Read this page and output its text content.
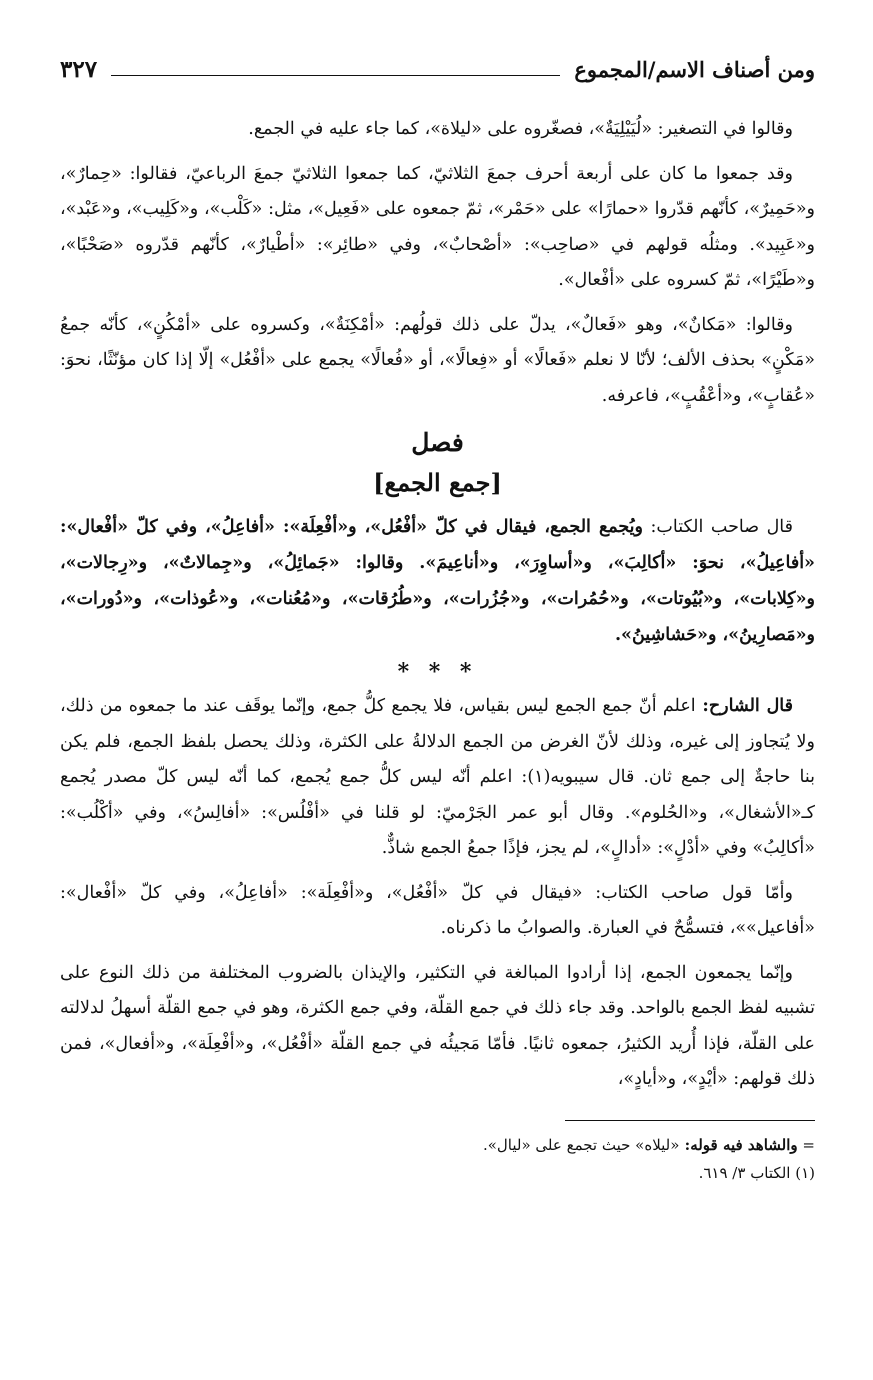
ومن أصناف الاسم/المجموع
٣٢٧

وقالوا في التصغير: «لُيَيْلِيَةٌ»، فصغّروه على «ليلاة»، كما جاء عليه في الجمع.

وقد جمعوا ما كان على أربعة أحرف جمعَ الثلاثيّ، كما جمعوا الثلاثيّ جمعَ الرباعيّ، فقالوا: «حِمارٌ»، و«حَمِيرٌ»، كأنّهم قدّروا «حمارًا» على «حَمْر»، ثمّ جمعوه على «فَعِيل»، مثل: «كَلْب»، و«كَلِيب»، و«عَبْد»، و«عَبِيد». ومثلُه قولهم في «صاحِب»: «أصْحابٌ»، وفي «طائِر»: «أطْيارٌ»، كأنّهم قدّروه «صَحْبًا»، و«طَيْرًا»، ثمّ كسروه على «أفْعال».

وقالوا: «مَكانٌ»، وهو «فَعالٌ»، يدلّ على ذلك قولُهم: «أمْكِنَةٌ»، وكسروه على «أمْكُنٍ»، كأنّه جمعُ «مَكْنٍ» بحذف الألف؛ لأنّا لا نعلم «فَعالًا» أو «فِعالًا»، أو «فُعالًا» يجمع على «أفْعُل» إلّا إذا كان مؤنّثًا، نحوَ: «عُقابٍ»، و«أعْقُبٍ»، فاعرفه.

فصل
[جمع الجمع]

قال صاحب الكتاب: ويُجمع الجمع، فيقال في كلّ «أفْعُل»، و«أفْعِلَة»: «أفاعِلُ»، وفي كلّ «أفْعال»: «أفاعِيلُ»، نحوَ: «أكالِبَ»، و«أساوِرَ»، و«أناعِيمَ». وقالوا: «جَمائِلُ»، و«جِمالاتٌ»، و«رِجالات»، و«كِلابات»، و«بُيُوتات»، و«حُمُرات»، و«جُزُرات»، و«طُرُقات»، و«مُعُنات»، و«عُوذات»، و«دُورات»، و«مَصارِينُ»، و«حَشاشِينُ».

* * *

قال الشارح: اعلم أنّ جمع الجمع ليس بقياس، فلا يجمع كلُّ جمع، وإنّما يوقَف عند ما جمعوه من ذلك، ولا يُتجاوز إلى غيره، وذلك لأنّ الغرض من الجمع الدلالةُ على الكثرة، وذلك يحصل بلفظ الجمع، فلم يكن بنا حاجةٌ إلى جمع ثان. قال سيبويه(١): اعلم أنّه ليس كلُّ جمع يُجمع، كما أنّه ليس كلّ مصدر يُجمع كـ«الأشغال»، و«الحُلوم». وقال أبو عمر الجَرْميّ: لو قلنا في «أفْلُس»: «أفالِسُ»، وفي «أكْلُب»: «أكالِبُ» وفي «أدْلٍ»: «أدالٍ»، لم يجز، فإذًا جمعُ الجمع شاذٌّ.

وأمّا قول صاحب الكتاب: «فيقال في كلّ «أفْعُل»، و«أفْعِلَة»: «أفاعِلُ»، وفي كلّ «أفْعال»: «أفاعيل»»، فتسمُّحٌ في العبارة. والصوابُ ما ذكرناه.

وإنّما يجمعون الجمع، إذا أرادوا المبالغة في التكثير، والإيذان بالضروب المختلفة من ذلك النوع على تشبيه لفظ الجمع بالواحد. وقد جاء ذلك في جمع القلّة، وفي جمع الكثرة، وهو في جمع القلّة أسهلُ لدلالته على القلّة، فإذا أُريد الكثيرُ، جمعوه ثانيًا. فأمّا مَجيئُه في جمع القلّة «أفْعُل»، و«أفْعِلَة»، و«أفعال»، فمن ذلك قولهم: «أيْدٍ»، و«أيادٍ»،

= والشاهد فيه قوله: «ليلاه» حيث تجمع على «ليال».

(١) الكتاب ٣/ ٦١٩.
